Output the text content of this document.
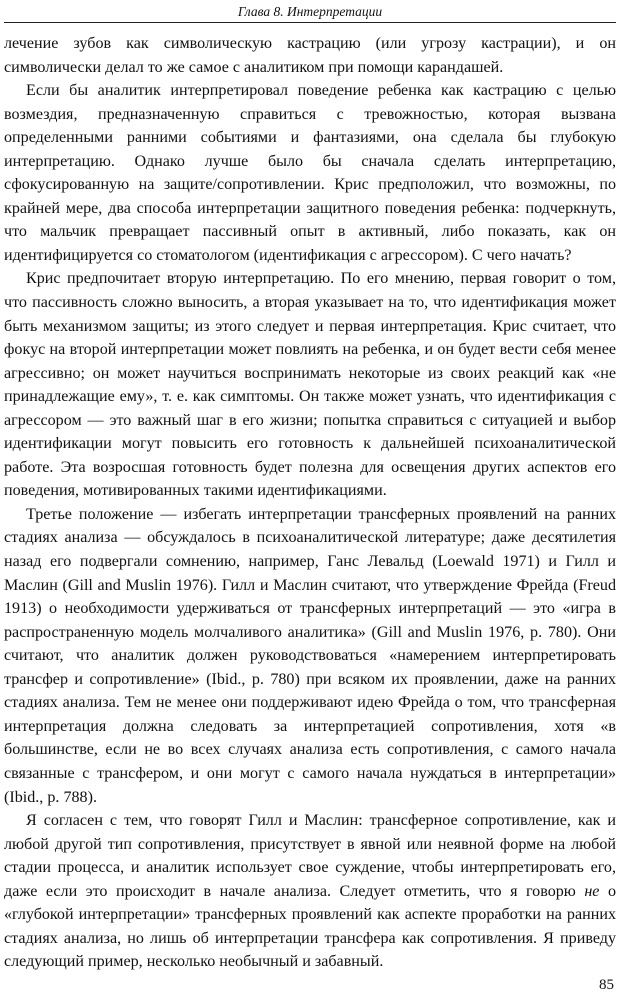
Глава 8. Интерпретации

лечение зубов как символическую кастрацию (или угрозу кастрации), и он символически делал то же самое с аналитиком при помощи карандашей.

Если бы аналитик интерпретировал поведение ребенка как кастрацию с целью возмездия, предназначенную справиться с тревожностью, которая вызвана определенными ранними событиями и фантазиями, она сделала бы глубокую интерпретацию. Однако лучше было бы сначала сделать интерпретацию, сфокусированную на защите/сопротивлении. Крис предположил, что возможны, по крайней мере, два способа интерпретации защитного поведения ребенка: подчеркнуть, что мальчик превращает пассивный опыт в активный, либо показать, как он идентифицируется со стоматологом (идентификация с агрессором). С чего начать?

Крис предпочитает вторую интерпретацию. По его мнению, первая говорит о том, что пассивность сложно выносить, а вторая указывает на то, что идентификация может быть механизмом защиты; из этого следует и первая интерпретация. Крис считает, что фокус на второй интерпретации может повлиять на ребенка, и он будет вести себя менее агрессивно; он может научиться воспринимать некоторые из своих реакций как «не принадлежащие ему», т. е. как симптомы. Он также может узнать, что идентификация с агрессором — это важный шаг в его жизни; попытка справиться с ситуацией и выбор идентификации могут повысить его готовность к дальнейшей психоаналитической работе. Эта возросшая готовность будет полезна для освещения других аспектов его поведения, мотивированных такими идентификациями.

Третье положение — избегать интерпретации трансферных проявлений на ранних стадиях анализа — обсуждалось в психоаналитической литературе; даже десятилетия назад его подвергали сомнению, например, Ганс Левальд (Loewald 1971) и Гилл и Маслин (Gill and Muslin 1976). Гилл и Маслин считают, что утверждение Фрейда (Freud 1913) о необходимости удерживаться от трансферных интерпретаций — это «игра в распространенную модель молчаливого аналитика» (Gill and Muslin 1976, p. 780). Они считают, что аналитик должен руководствоваться «намерением интерпретировать трансфер и сопротивление» (Ibid., p. 780) при всяком их проявлении, даже на ранних стадиях анализа. Тем не менее они поддерживают идею Фрейда о том, что трансферная интерпретация должна следовать за интерпретацией сопротивления, хотя «в большинстве, если не во всех случаях анализа есть сопротивления, с самого начала связанные с трансфером, и они могут с самого начала нуждаться в интерпретации» (Ibid., p. 788).

Я согласен с тем, что говорят Гилл и Маслин: трансферное сопротивление, как и любой другой тип сопротивления, присутствует в явной или неявной форме на любой стадии процесса, и аналитик использует свое суждение, чтобы интерпретировать его, даже если это происходит в начале анализа. Следует отметить, что я говорю не о «глубокой интерпретации» трансферных проявлений как аспекте проработки на ранних стадиях анализа, но лишь об интерпретации трансфера как сопротивления. Я приведу следующий пример, несколько необычный и забавный.

85
